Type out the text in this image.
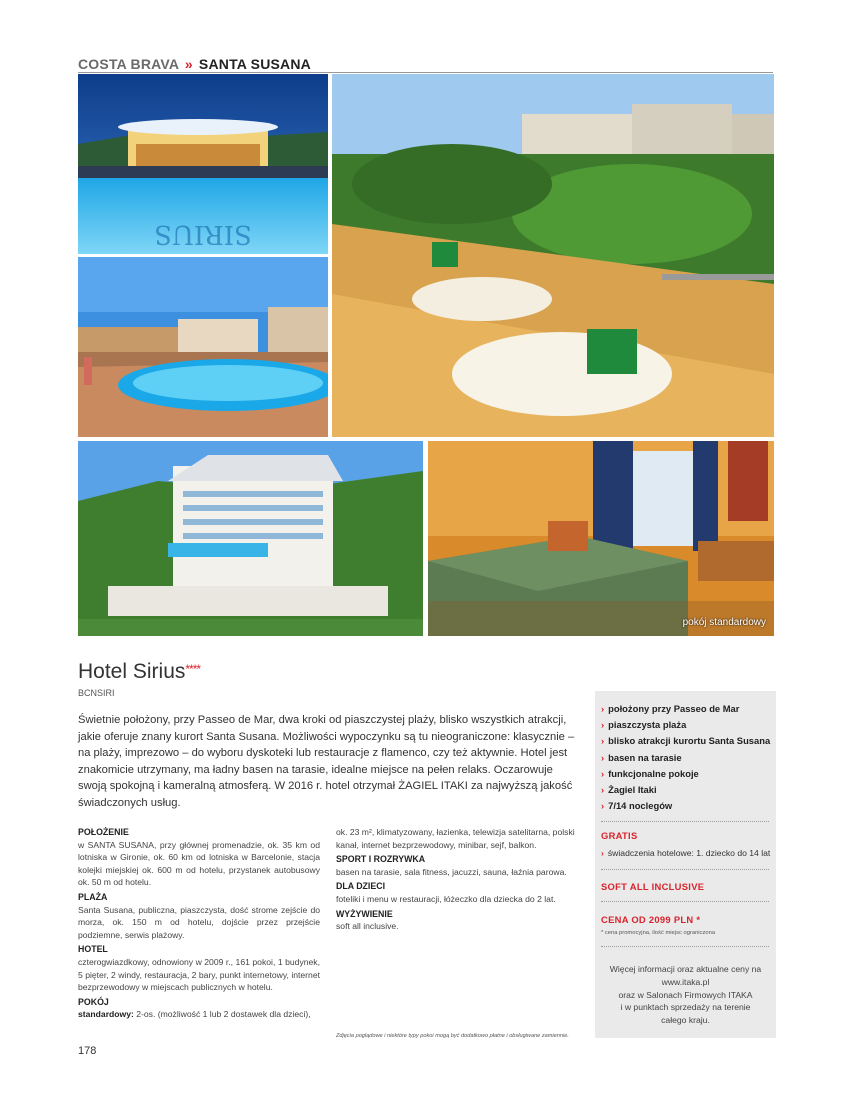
COSTA BRAVA » SANTA SUSANA
SIRIUS
pokój standardowy
Hotel Sirius****
BCNSIRI
Świetnie położony, przy Passeo de Mar, dwa kroki od piaszczystej plaży, blisko wszystkich atrakcji, jakie oferuje znany kurort Santa Susana. Możliwości wypoczynku są tu nieograniczone: klasycznie – na plaży, imprezowo – do wyboru dyskoteki lub restauracje z flamenco, czy też aktywnie. Hotel jest znakomicie utrzymany, ma ładny basen na tarasie, idealne miejsce na pełen relaks. Oczarowuje swoją spokojną i kameralną atmosferą. W 2016 r. hotel otrzymał ŻAGIEL ITAKI za najwyższą jakość świadczonych usług.
POŁOŻENIE

w SANTA SUSANA, przy głównej promenadzie, ok. 35 km od lotniska w Gironie, ok. 60 km od lotniska w Barcelonie, stacja kolejki miejskiej ok. 600 m od hotelu, przystanek autobusowy ok. 50 m od hotelu.

PLAŻA

Santa Susana, publiczna, piaszczysta, dość strome zejście do morza, ok. 150 m od hotelu, dojście przez przejście podziemne, serwis plażowy.

HOTEL

czterogwiazdkowy, odnowiony w 2009 r., 161 pokoi, 1 budynek, 5 pięter, 2 windy, restauracja, 2 bary, punkt internetowy, internet bezprzewodowy w miejscach publicznych w hotelu.

POKÓJ

standardowy: 2-os. (możliwość 1 lub 2 dostawek dla dzieci),

ok. 23 m², klimatyzowany, łazienka, telewizja satelitarna, polski kanał, internet bezprzewodowy, minibar, sejf, balkon.

SPORT I ROZRYWKA

basen na tarasie, sala fitness, jacuzzi, sauna, łaźnia parowa.

DLA DZIECI

foteliki i menu w restauracji, łóżeczko dla dziecka do 2 lat.

WYŻYWIENIE

soft all inclusive.

Zdjęcia poglądowe i niektóre typy pokoi mogą być dodatkowo płatne i obsługiwane zamiennie.
178
› położony przy Passeo de Mar
› piaszczysta plaża
› blisko atrakcji kurortu Santa Susana
› basen na tarasie
› funkcjonalne pokoje
› Żagiel Itaki
› 7/14 noclegów
GRATIS
› świadczenia hotelowe: 1. dziecko do 14 lat
SOFT ALL INCLUSIVE
CENA OD 2099 PLN *
* cena promocyjna, ilość miejsc ograniczona
Więcej informacji oraz aktualne ceny na
www.itaka.pl
oraz w Salonach Firmowych ITAKA
i w punktach sprzedaży na terenie
całego kraju.
